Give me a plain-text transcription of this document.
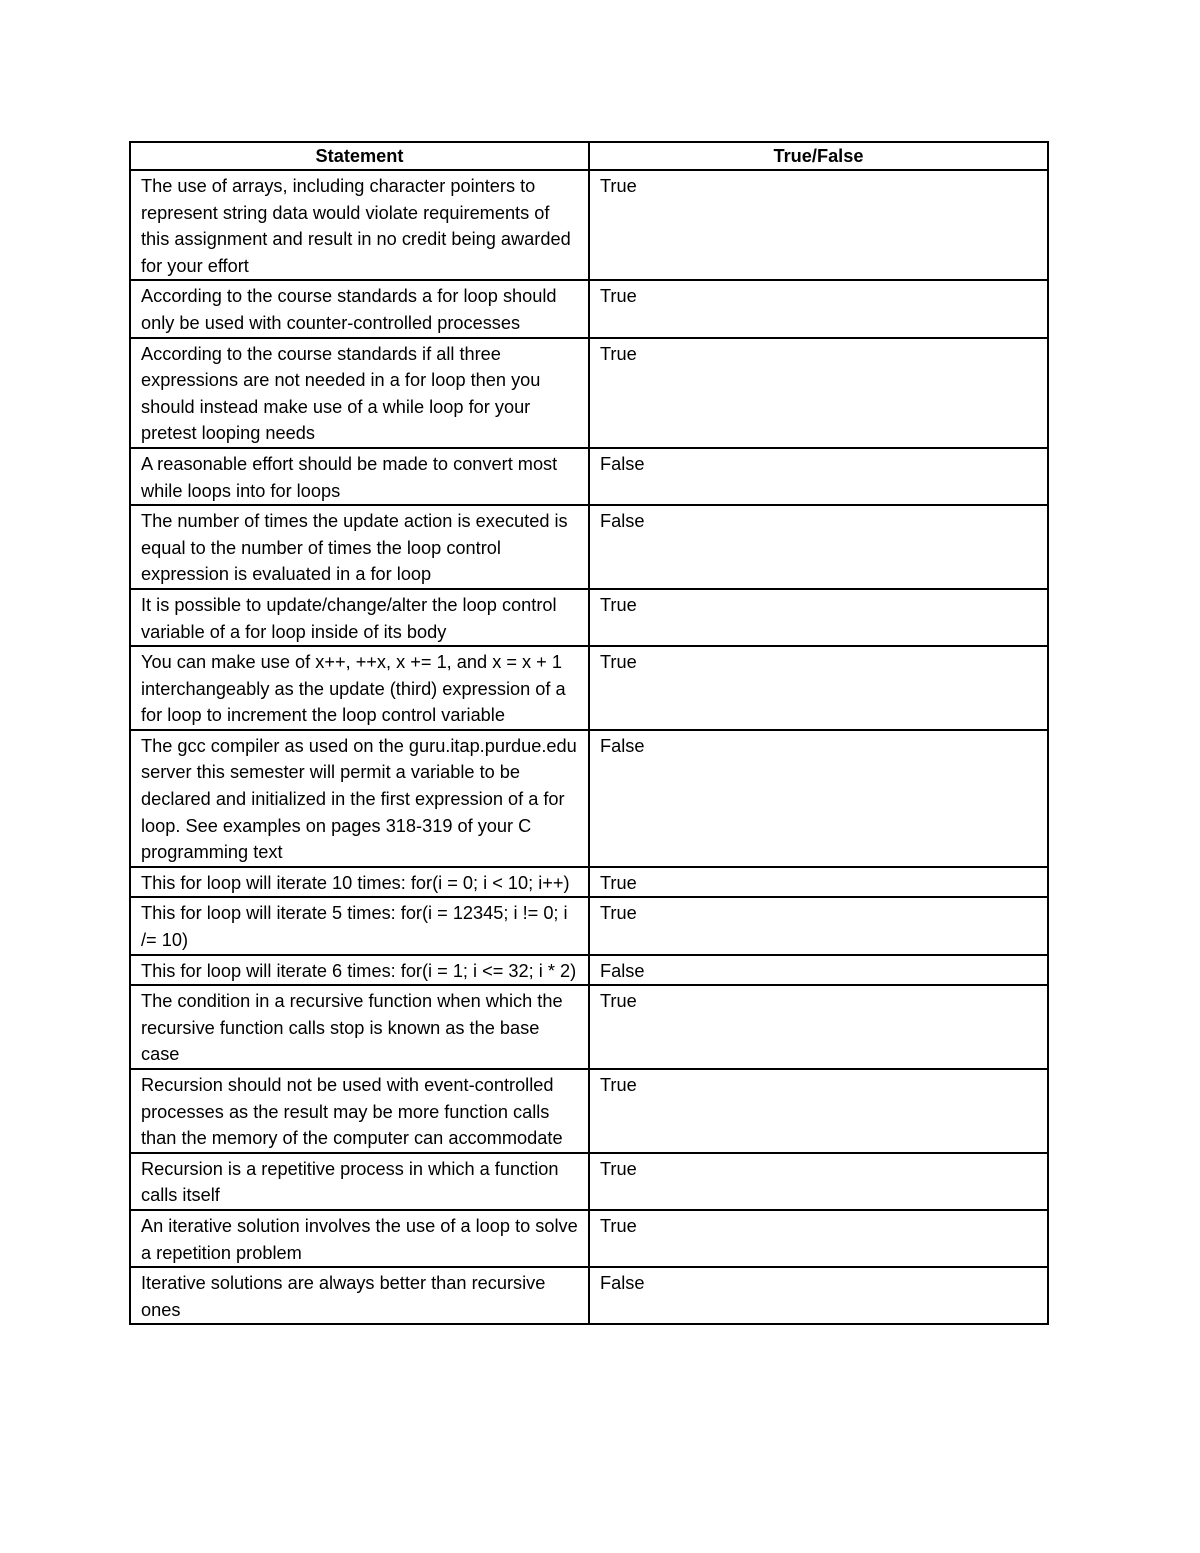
Statement	True/False
The use of arrays, including character pointers to represent string data would violate requirements of this assignment and result in no credit being awarded for your effort	True
According to the course standards a for loop should only be used with counter-controlled processes	True
According to the course standards if all three expressions are not needed in a for loop then you should instead make use of a while loop for your pretest looping needs	True
A reasonable effort should be made to convert most while loops into for loops	False
The number of times the update action is executed is equal to the number of times the loop control expression is evaluated in a for loop	False
It is possible to update/change/alter the loop control variable of a for loop inside of its body	True
You can make use of x++, ++x, x += 1, and x = x + 1 interchangeably as the update (third) expression of a for loop to increment the loop control variable	True
The gcc compiler as used on the guru.itap.purdue.edu server this semester will permit a variable to be declared and initialized in the first expression of a for loop. See examples on pages 318-319 of your C programming text	False
This for loop will iterate 10 times: for(i = 0; i < 10; i++)	True
This for loop will iterate 5 times: for(i = 12345; i != 0; i /= 10)	True
This for loop will iterate 6 times: for(i = 1; i <= 32; i * 2)	False
The condition in a recursive function when which the recursive function calls stop is known as the base case	True
Recursion should not be used with event-controlled processes as the result may be more function calls than the memory of the computer can accommodate	True
Recursion is a repetitive process in which a function calls itself	True
An iterative solution involves the use of a loop to solve a repetition problem	True
Iterative solutions are always better than recursive ones	False
